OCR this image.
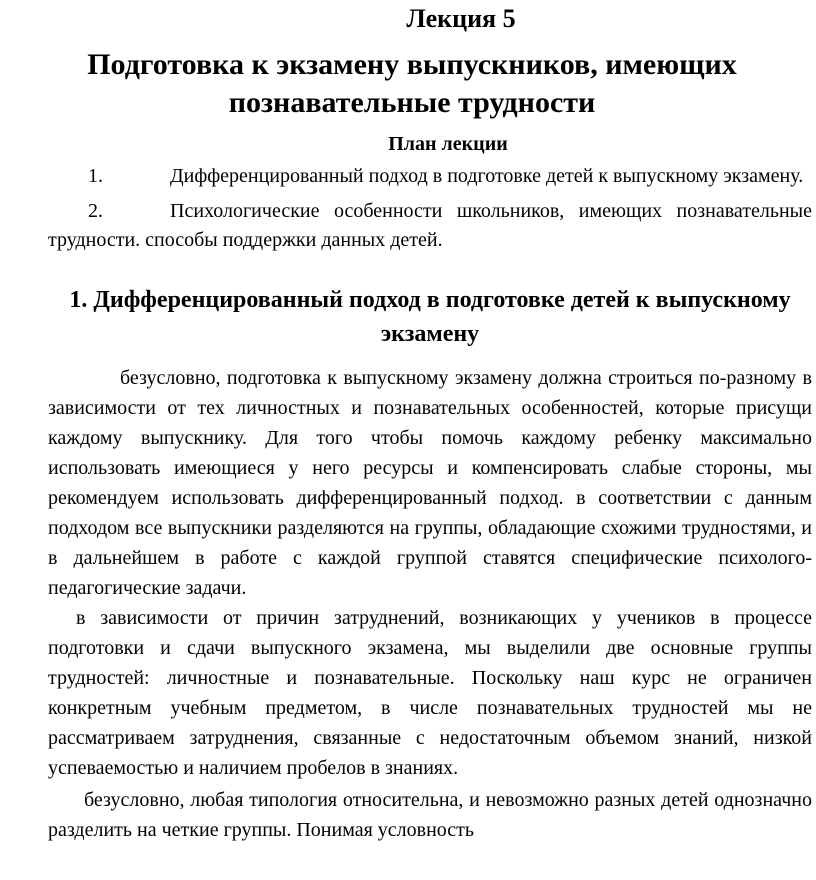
Лекция 5
Подготовка к экзамену выпускников, имеющих познавательные трудности
План лекции
1.	Дифференцированный подход в подготовке детей к выпускному экзамену.
2.	Психологические особенности школьников, имеющих познавательные трудности. способы поддержки данных детей.
1. Дифференцированный подход в подготовке детей к выпускному экзамену
безусловно, подготовка к выпускному экзамену должна строиться по-разному в зависимости от тех личностных и познавательных особенностей, которые присущи каждому выпускнику. Для того чтобы помочь каждому ребенку максимально использовать имеющиеся у него ресурсы и компенсировать слабые стороны, мы рекомендуем использовать дифференцированный подход. в соответствии с данным подходом все выпускники разделяются на группы, обладающие схожими трудностями, и в дальнейшем в работе с каждой группой ставятся специфические психолого-педагогические задачи.
в зависимости от причин затруднений, возникающих у учеников в процессе подготовки и сдачи выпускного экзамена, мы выделили две основные группы трудностей: личностные и познавательные. Поскольку наш курс не ограничен конкретным учебным предметом, в числе познавательных трудностей мы не рассматриваем затруднения, связанные с недостаточным объемом знаний, низкой успеваемостью и наличием пробелов в знаниях.
безусловно, любая типология относительна, и невозможно разных детей однозначно разделить на четкие группы. Понимая условность
